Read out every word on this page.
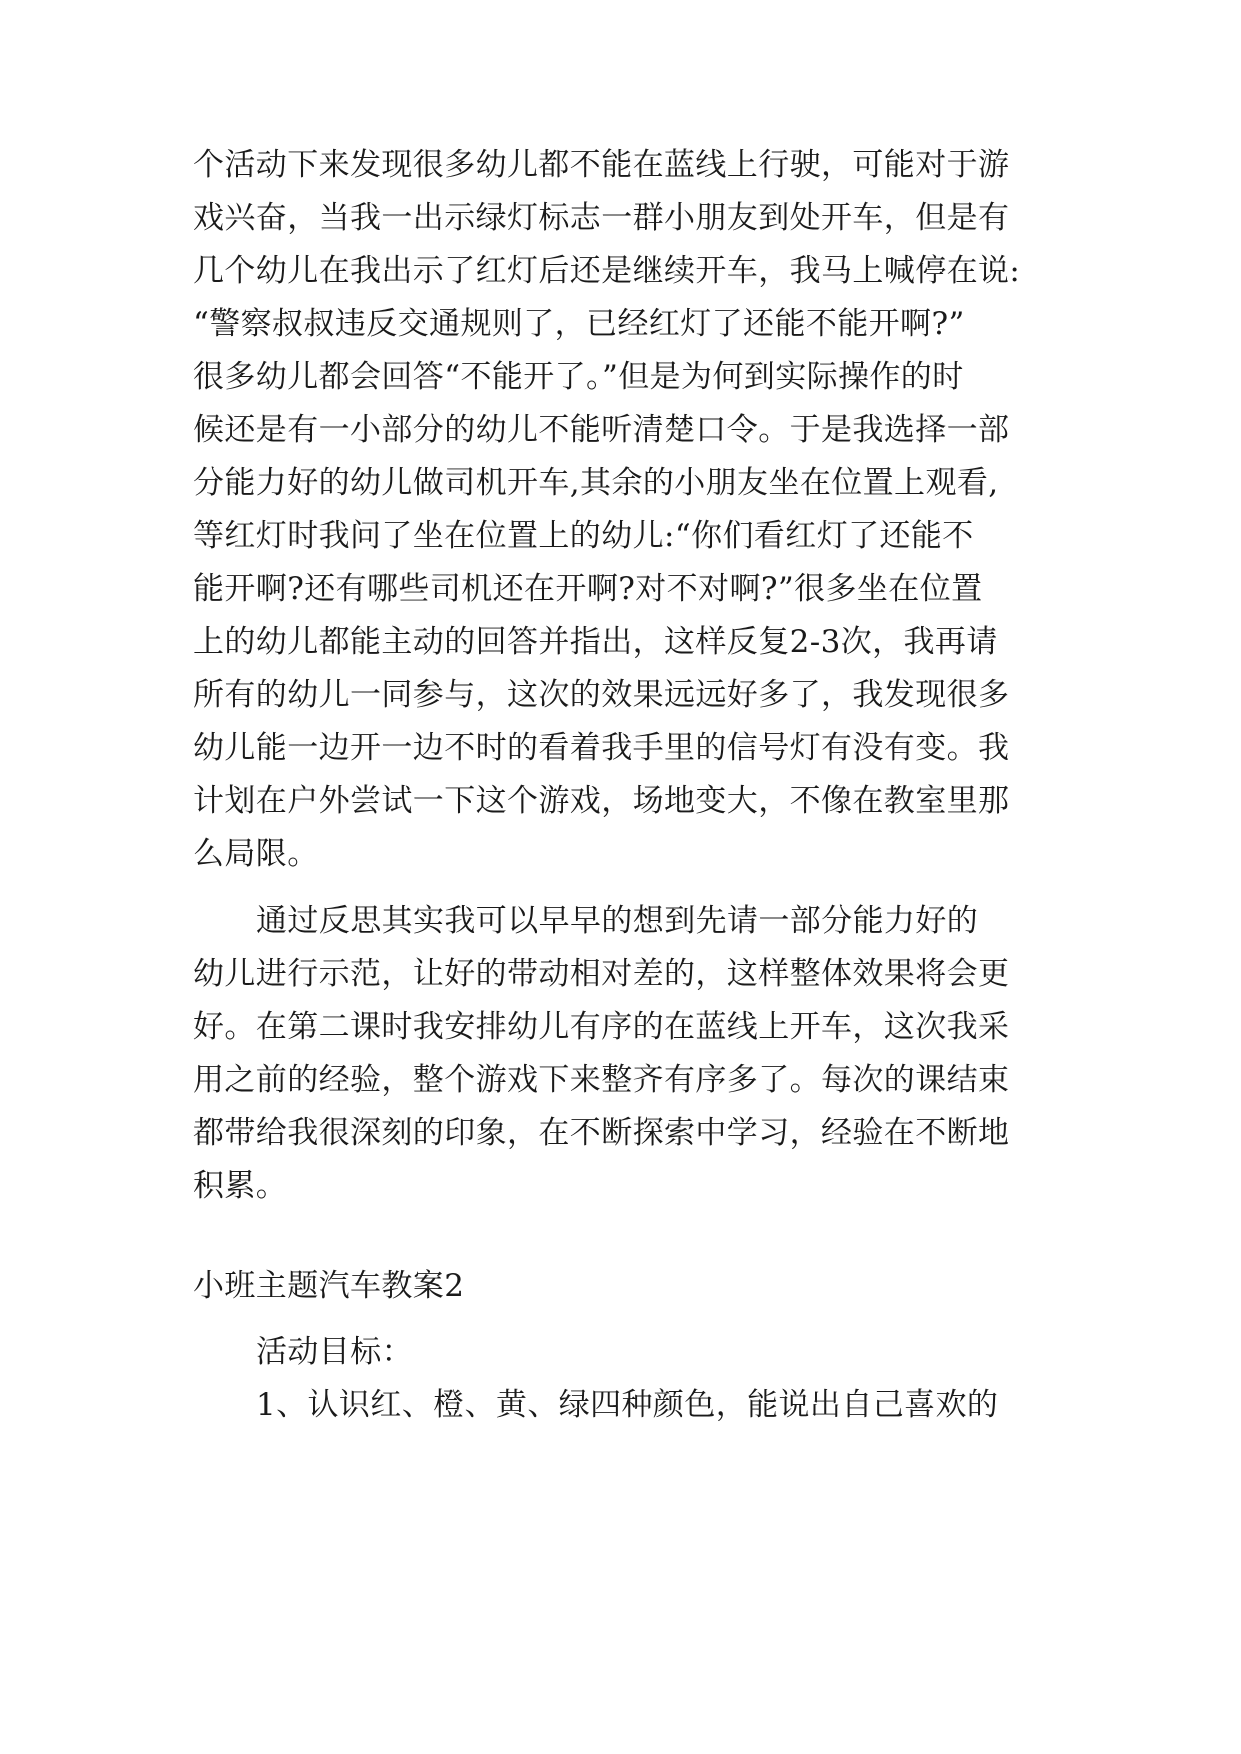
个活动下来发现很多幼儿都不能在蓝线上行驶，可能对于游
戏兴奋，当我一出示绿灯标志一群小朋友到处开车，但是有
几个幼儿在我出示了红灯后还是继续开车，我马上喊停在说:
“警察叔叔违反交通规则了，已经红灯了还能不能开啊?”
很多幼儿都会回答“不能开了。”但是为何到实际操作的时
候还是有一小部分的幼儿不能听清楚口令。于是我选择一部
分能力好的幼儿做司机开车,其余的小朋友坐在位置上观看,
等红灯时我问了坐在位置上的幼儿:“你们看红灯了还能不
能开啊?还有哪些司机还在开啊?对不对啊?”很多坐在位置
上的幼儿都能主动的回答并指出，这样反复2-3次，我再请
所有的幼儿一同参与，这次的效果远远好多了，我发现很多
幼儿能一边开一边不时的看着我手里的信号灯有没有变。我
计划在户外尝试一下这个游戏，场地变大，不像在教室里那
么局限。
通过反思其实我可以早早的想到先请一部分能力好的
幼儿进行示范，让好的带动相对差的，这样整体效果将会更
好。在第二课时我安排幼儿有序的在蓝线上开车，这次我采
用之前的经验，整个游戏下来整齐有序多了。每次的课结束
都带给我很深刻的印象，在不断探索中学习，经验在不断地
积累。
小班主题汽车教案2
活动目标：
1、认识红、橙、黄、绿四种颜色，能说出自己喜欢的
